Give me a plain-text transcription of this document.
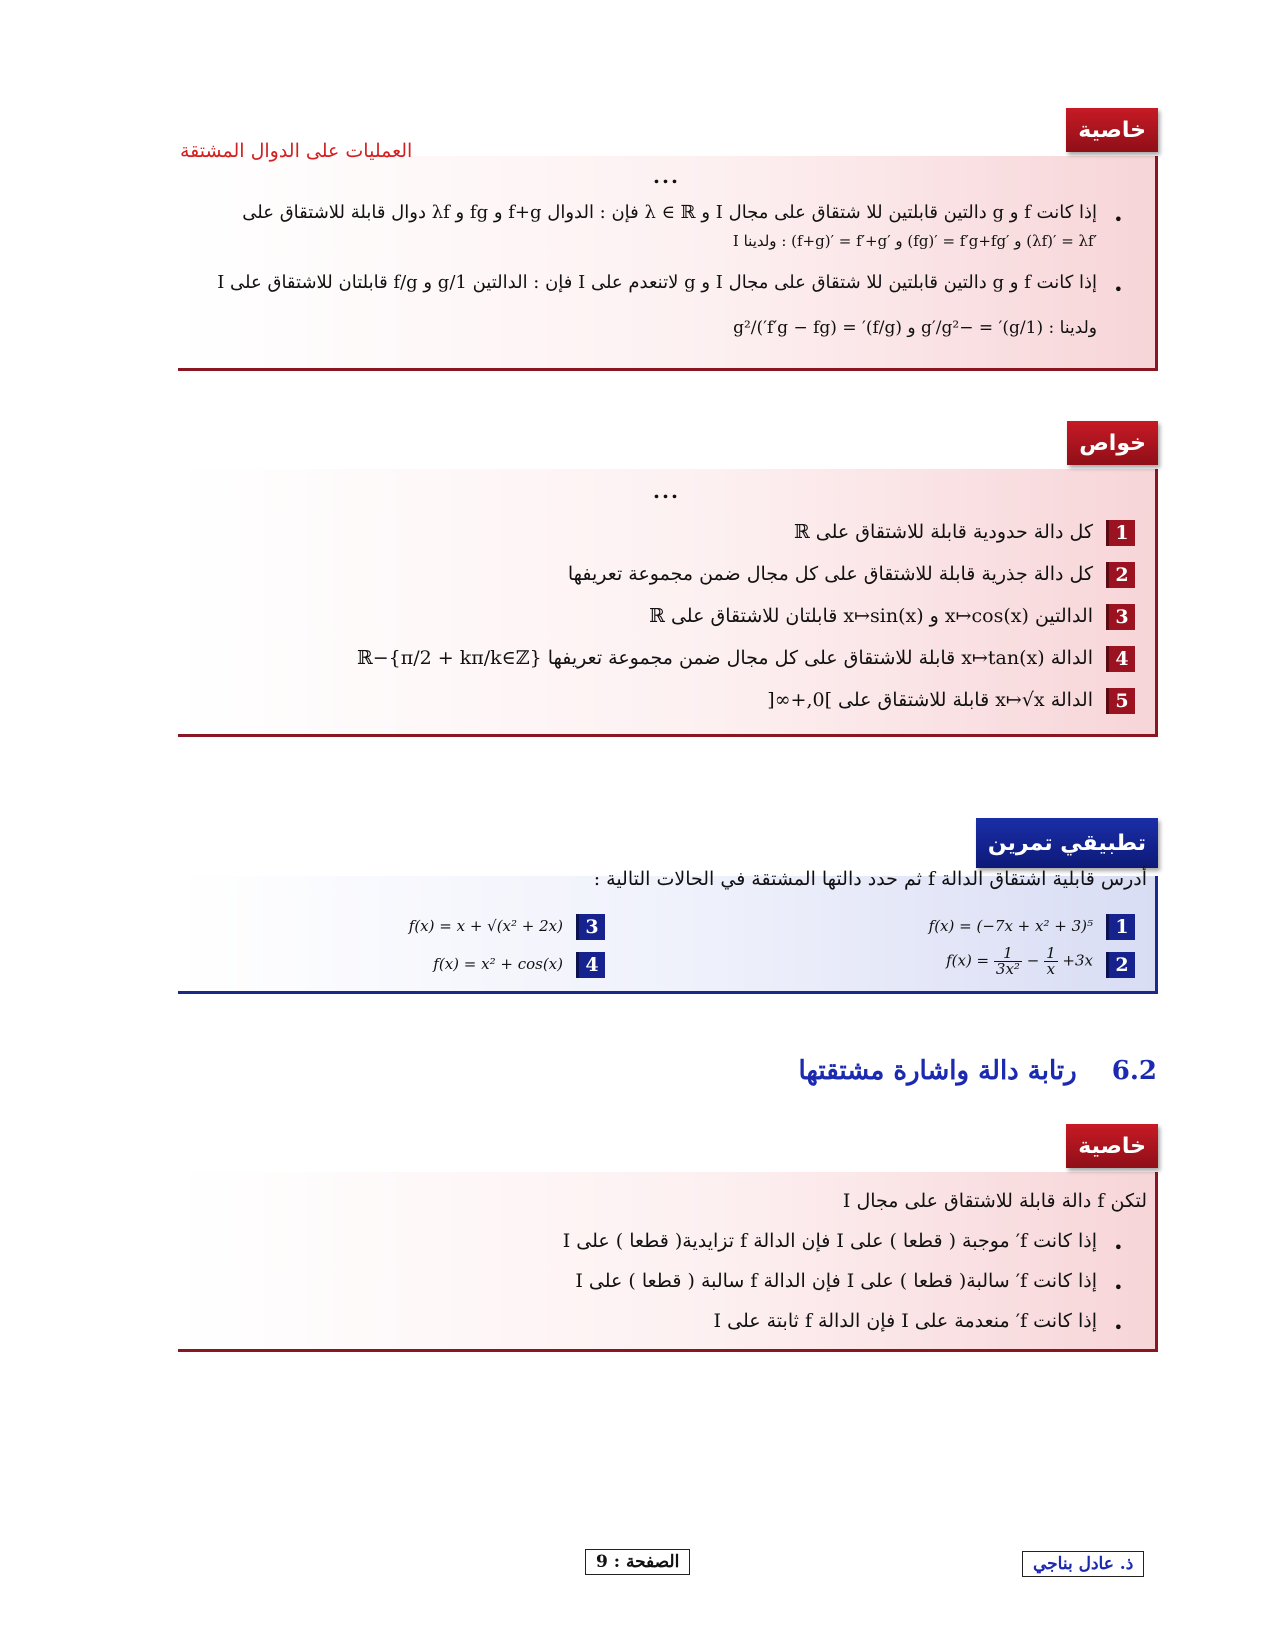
خاصية
العمليات على الدوال المشتقة
...
•
إذا كانت f و g دالتين قابلتين للا شتقاق على مجال I و λ ∈ ℝ فإن : الدوال f+g و fg و λf دوال قابلة للاشتقاق على
I ولدينا : (f+g)′ = f′+g′ و (fg)′ = f′g+fg′ و (λf)′ = λf′
•
إذا كانت f و g دالتين قابلتين للا شتقاق على مجال I و g لاتنعدم على I فإن : الدالتين 1/g و f/g قابلتان للاشتقاق على I
ولدينا : (1/g)′ = −g′/g² و (f/g)′ = (f′g − fg′)/g²
خواص
...
1
كل دالة حدودية قابلة للاشتقاق على ℝ
2
كل دالة جذرية قابلة للاشتقاق على كل مجال ضمن مجموعة تعريفها
3
الدالتين x↦cos(x) و x↦sin(x) قابلتان للاشتقاق على ℝ
4
الدالة x↦tan(x) قابلة للاشتقاق على كل مجال ضمن مجموعة تعريفها ℝ−{π/2 + kπ/k∈ℤ}
5
الدالة x↦√x قابلة للاشتقاق على ]0,+∞[
تطبيقي تمرين
أدرس قابلية اشتقاق الدالة f ثم حدد دالتها المشتقة في الحالات التالية :
1
f(x) = (−7x + x² + 3)⁵
2
$f(x) = \frac{1}{\text{3x²}} - \frac{1}{x} +3x$
3
f(x) = x + √(x² + 2x)
4
f(x) = x² + cos(x)
6.2 رتابة دالة واشارة مشتقتها
خاصية
لتكن f دالة قابلة للاشتقاق على مجال I
•
إذا كانت f′ موجبة ( قطعا ) على I فإن الدالة f تزايدية( قطعا ) على I
•
إذا كانت f′ سالبة( قطعا ) على I فإن الدالة f سالبة ( قطعا ) على I
•
إذا كانت f′ منعدمة على I فإن الدالة f ثابتة على I
الصفحة : 9	ذ. عادل بناجي
